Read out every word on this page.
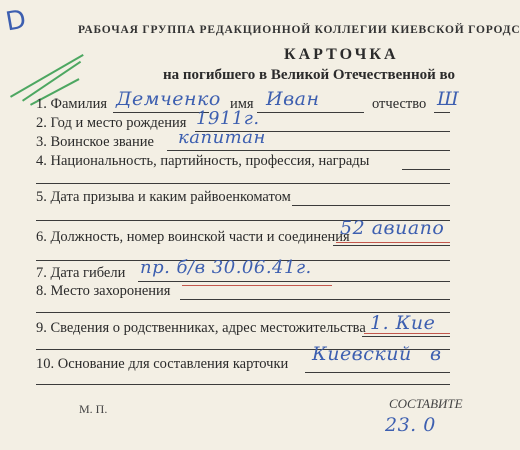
D	РАБОЧАЯ ГРУППА РЕДАКЦИОННОЙ КОЛЛЕГИИ КИЕВСКОЙ ГОРОДС
КАРТОЧКА
на погибшего в Великой Отечественной во
1. Фамилия Демченко имя Иван	отчество Ш
2. Год и место рождения 1911г.
3. Воинское звание капитан
4. Национальность, партийность, профессия, награды
5. Дата призыва и каким райвоенкоматом
6. Должность, номер воинской части и соединения
52 авиапо
7. Дата гибели пр. б/в 30.06.41г.
8. Место захоронения
9. Сведения о родственниках, адрес местожительства 1. Кие
10. Основание для составления карточки Киевский в
М. П.	СОСТАВИТЕ
23. 0
